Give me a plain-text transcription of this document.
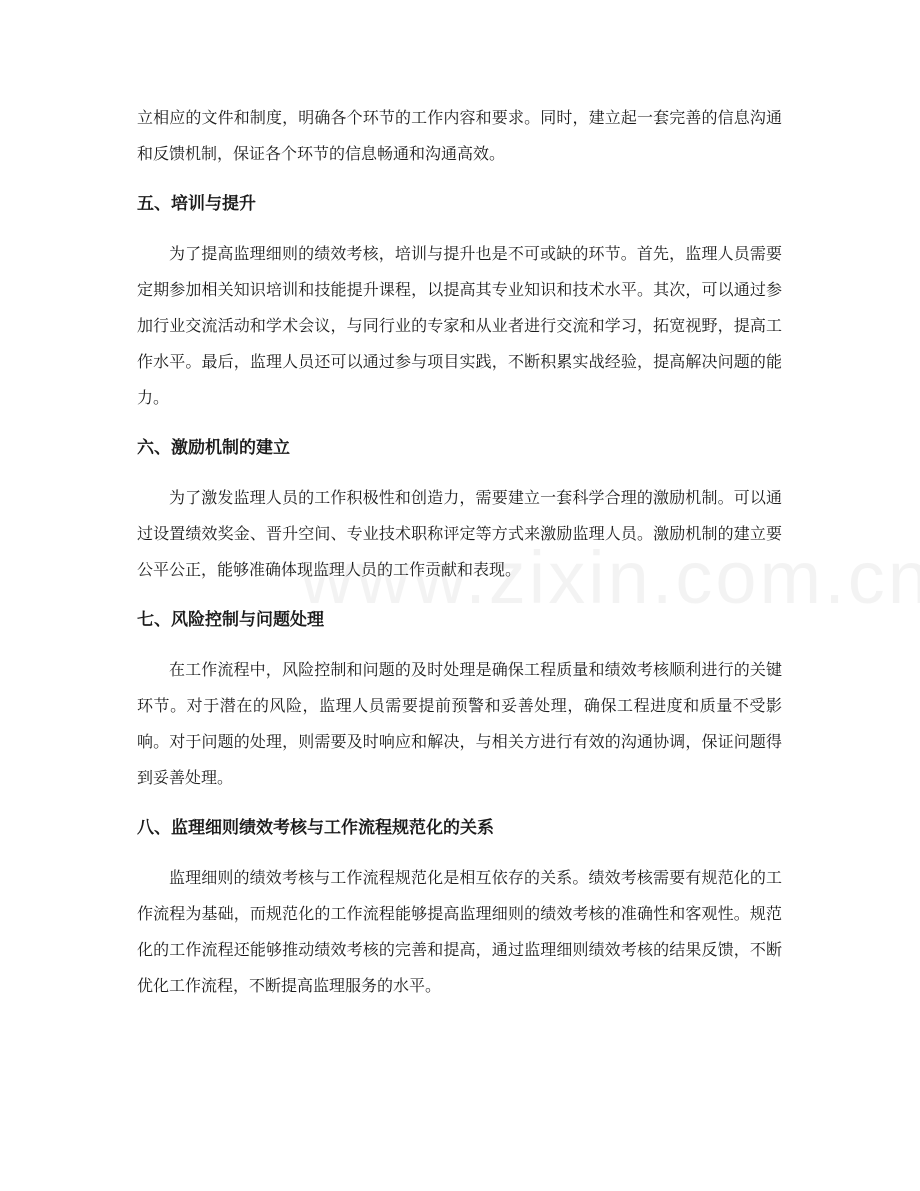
立相应的文件和制度，明确各个环节的工作内容和要求。同时，建立起一套完善的信息沟通和反馈机制，保证各个环节的信息畅通和沟通高效。

五、培训与提升

为了提高监理细则的绩效考核，培训与提升也是不可或缺的环节。首先，监理人员需要定期参加相关知识培训和技能提升课程，以提高其专业知识和技术水平。其次，可以通过参加行业交流活动和学术会议，与同行业的专家和从业者进行交流和学习，拓宽视野，提高工作水平。最后，监理人员还可以通过参与项目实践，不断积累实战经验，提高解决问题的能力。

六、激励机制的建立

为了激发监理人员的工作积极性和创造力，需要建立一套科学合理的激励机制。可以通过设置绩效奖金、晋升空间、专业技术职称评定等方式来激励监理人员。激励机制的建立要公平公正，能够准确体现监理人员的工作贡献和表现。

七、风险控制与问题处理

在工作流程中，风险控制和问题的及时处理是确保工程质量和绩效考核顺利进行的关键环节。对于潜在的风险，监理人员需要提前预警和妥善处理，确保工程进度和质量不受影响。对于问题的处理，则需要及时响应和解决，与相关方进行有效的沟通协调，保证问题得到妥善处理。

八、监理细则绩效考核与工作流程规范化的关系

监理细则的绩效考核与工作流程规范化是相互依存的关系。绩效考核需要有规范化的工作流程为基础，而规范化的工作流程能够提高监理细则的绩效考核的准确性和客观性。规范化的工作流程还能够推动绩效考核的完善和提高，通过监理细则绩效考核的结果反馈，不断优化工作流程，不断提高监理服务的水平。
